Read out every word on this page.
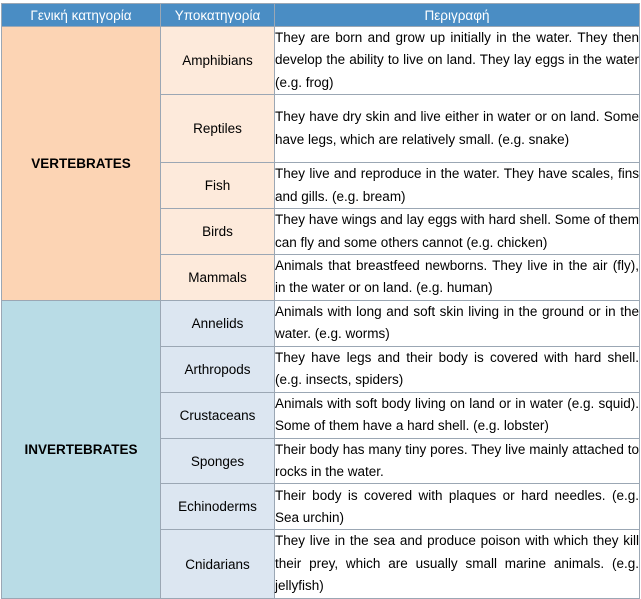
Γενική κατηγορία	Υποκατηγορία	Περιγραφή
VERTEBRATES	Amphibians	They are born and grow up initially in the water. They then develop the ability to live on land. They lay eggs in the water (e.g. frog)
	Reptiles	They have dry skin and live either in water or on land. Some have legs, which are relatively small. (e.g. snake)
	Fish	They live and reproduce in the water. They have scales, fins and gills. (e.g. bream)
	Birds	They have wings and lay eggs with hard shell. Some of them can fly and some others cannot (e.g. chicken)
	Mammals	Animals that breastfeed newborns. They live in the air (fly), in the water or on land. (e.g. human)
INVERTEBRATES	Annelids	Animals with long and soft skin living in the ground or in the water. (e.g. worms)
	Arthropods	They have legs and their body is covered with hard shell. (e.g. insects, spiders)
	Crustaceans	Animals with soft body living on land or in water (e.g. squid). Some of them have a hard shell. (e.g. lobster)
	Sponges	Their body has many tiny pores. They live mainly attached to rocks in the water.
	Echinoderms	Their body is covered with plaques or hard needles. (e.g. Sea urchin)
	Cnidarians	They live in the sea and produce poison with which they kill their prey, which are usually small marine animals. (e.g. jellyfish)
